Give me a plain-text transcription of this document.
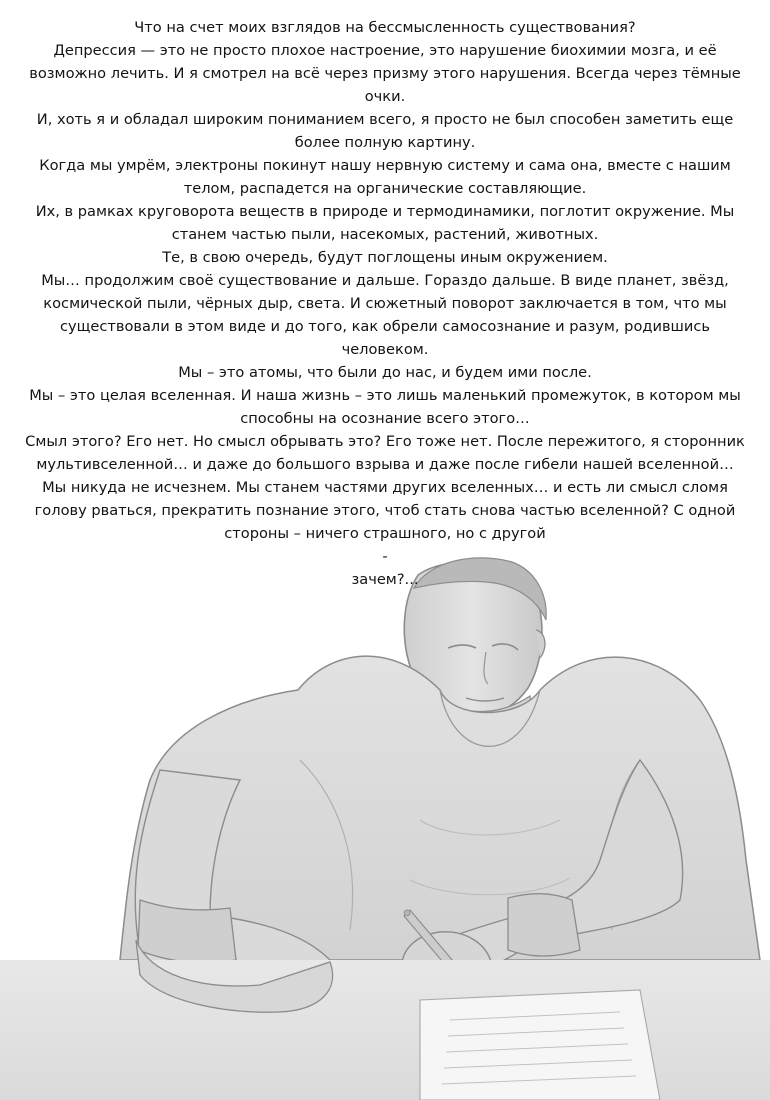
Что на счет моих взглядов на бессмысленность существования?

Депрессия — это не просто плохое настроение, это нарушение биохимии мозга, и её возможно лечить. И я смотрел на всё через призму этого нарушения. Всегда через тёмные очки.

И, хоть я и обладал широким пониманием всего, я просто не был способен заметить еще более полную картину.

Когда мы умрём, электроны покинут нашу нервную систему и сама она, вместе с нашим телом, распадется на органические составляющие.

Их, в рамках круговорота веществ в природе и термодинамики, поглотит окружение. Мы станем частью пыли, насекомых, растений, животных.

Те, в свою очередь, будут поглощены иным окружением.

Мы… продолжим своё существование и дальше. Гораздо дальше. В виде планет, звёзд, космической пыли, чёрных дыр, света. И сюжетный поворот заключается в том, что мы существовали в этом виде и до того, как обрели самосознание и разум, родившись человеком.

Мы – это атомы, что были до нас, и будем ими после.

Мы – это целая вселенная. И наша жизнь – это лишь маленький промежуток, в котором мы способны на осознание всего этого…

Смыл этого? Его нет. Но смысл обрывать это? Его тоже нет. После пережитого, я сторонник мультивселенной… и даже до большого взрыва и даже после гибели нашей вселенной… Мы никуда не исчезнем. Мы станем частями других вселенных… и есть ли смысл сломя голову рваться, прекратить познание этого, чтоб стать снова частью вселенной? С одной стороны – ничего страшного, но с другой

-

зачем?...
